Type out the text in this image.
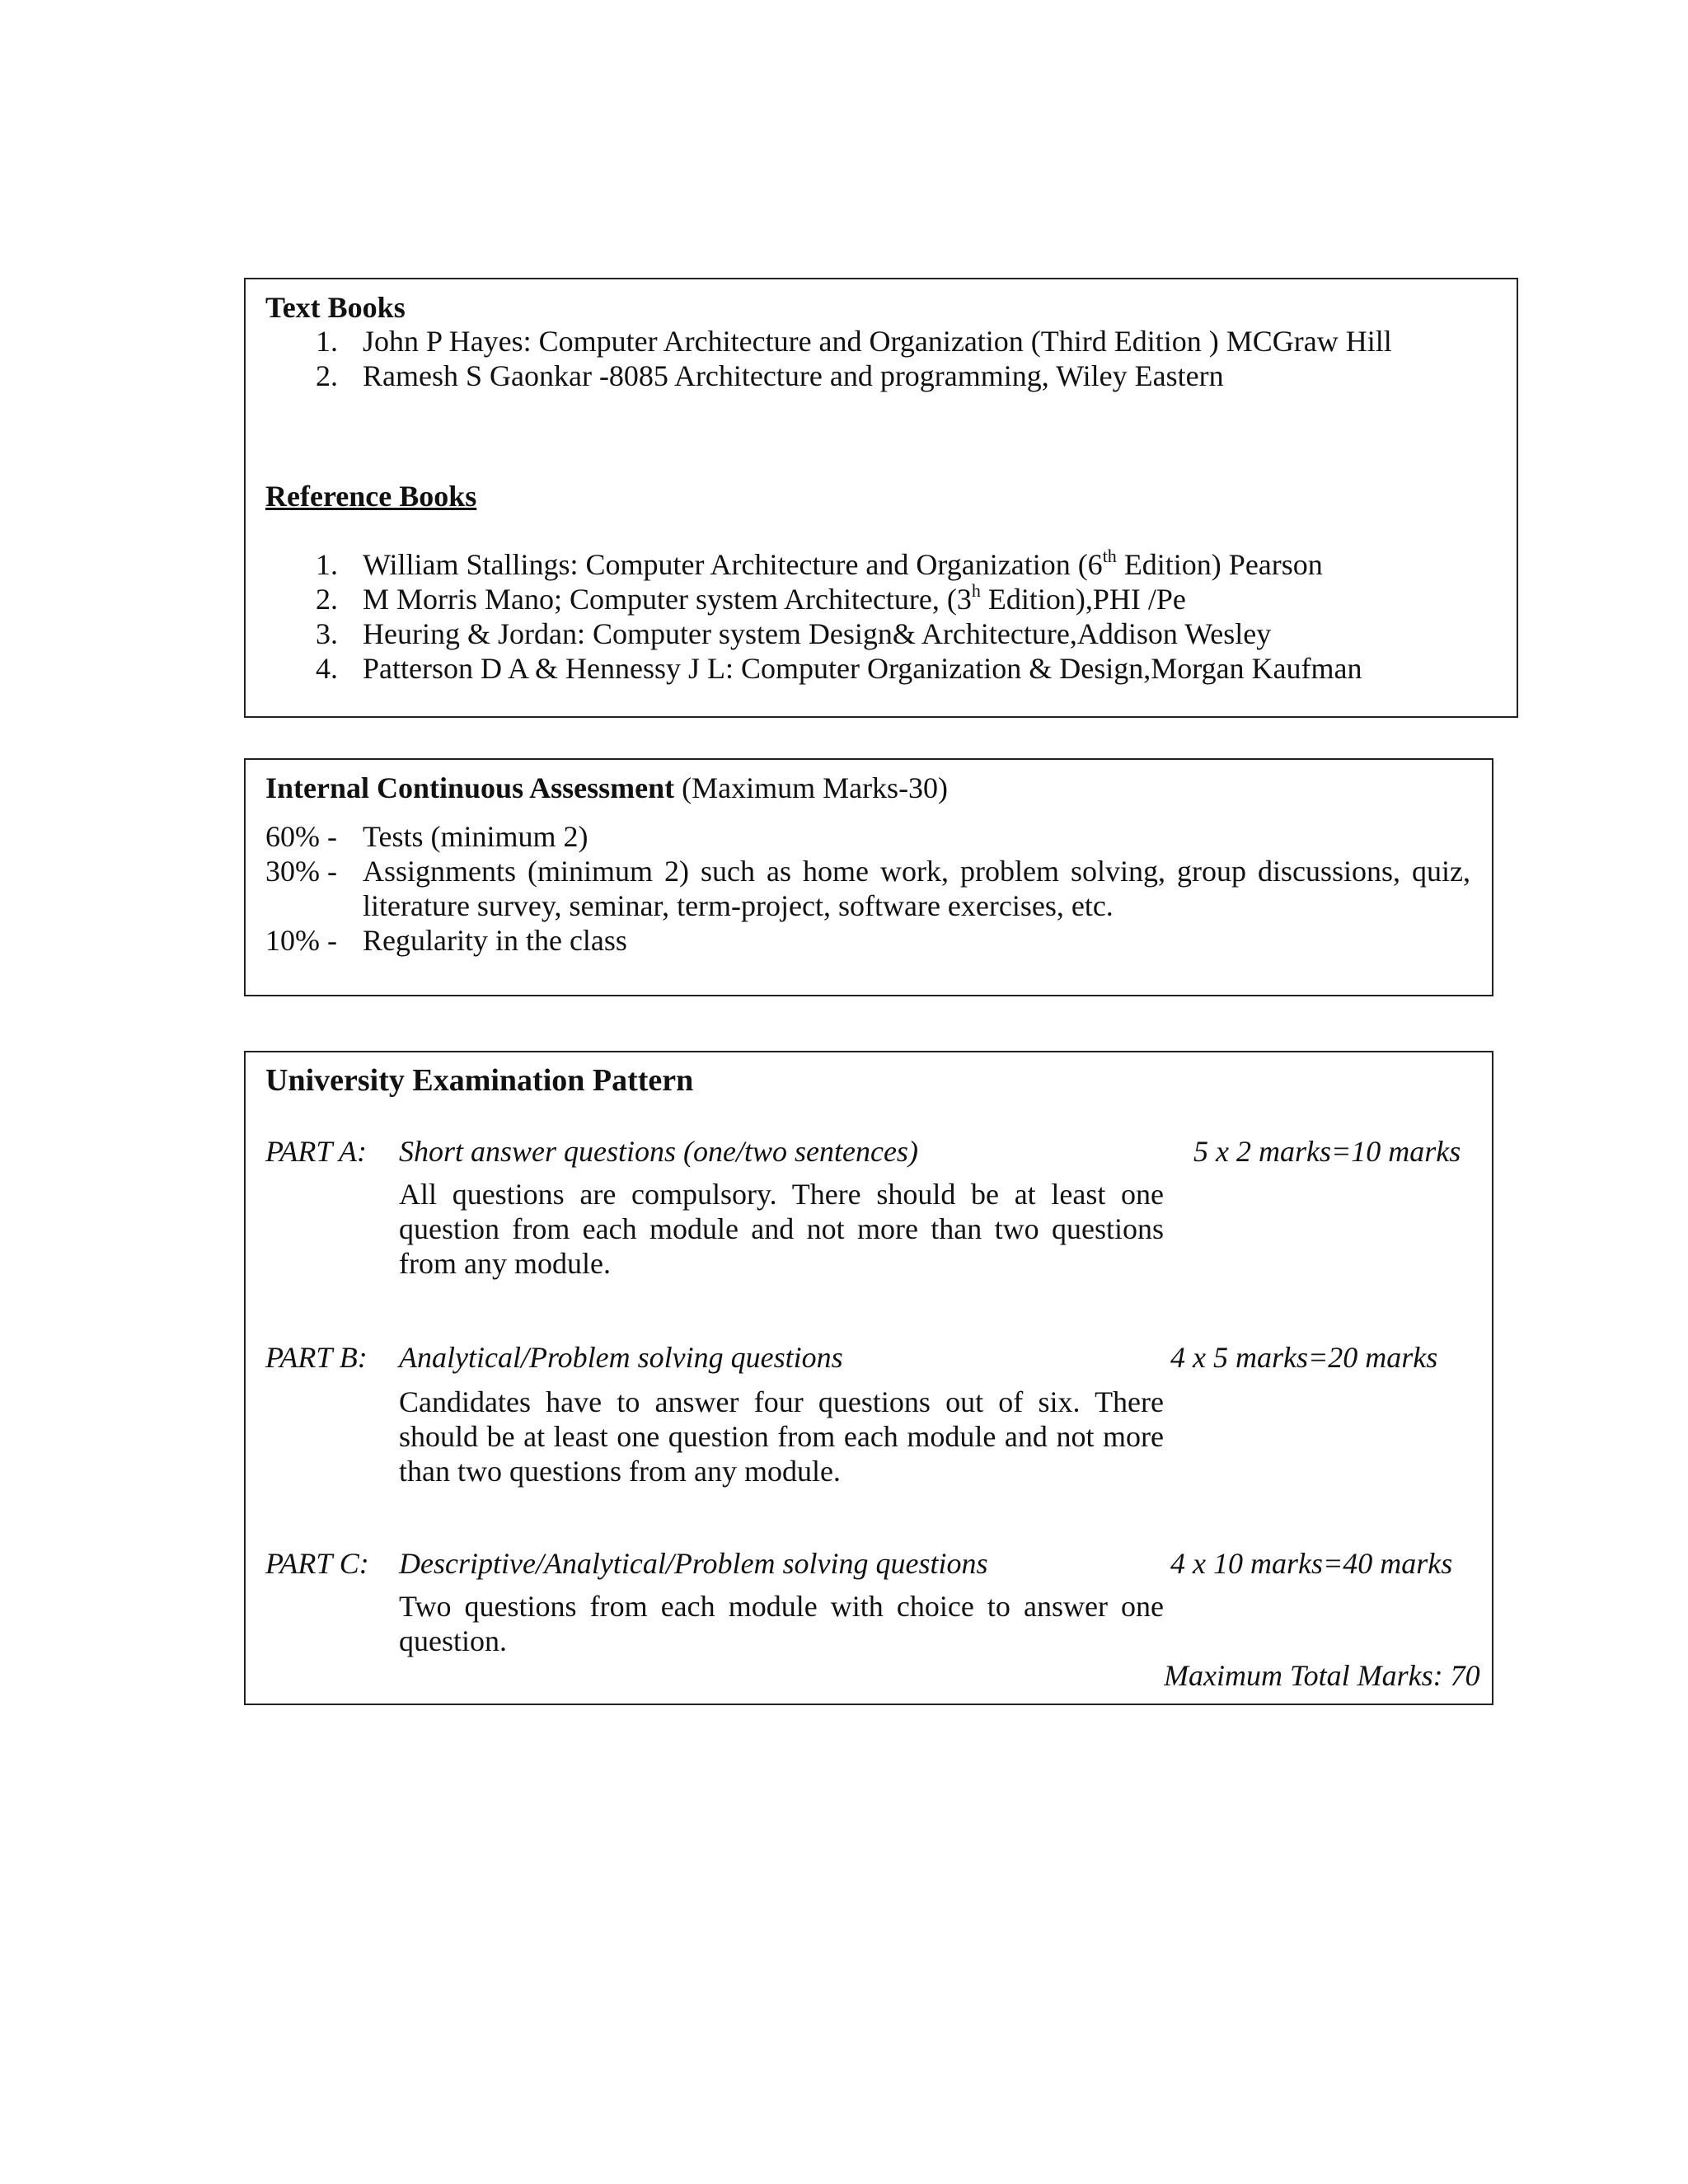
Text Books
1. John P Hayes: Computer Architecture and Organization (Third Edition ) MCGraw Hill
2. Ramesh S Gaonkar -8085 Architecture and programming, Wiley Eastern
Reference Books
1. William Stallings: Computer Architecture and Organization (6th Edition) Pearson
2. M Morris Mano; Computer system Architecture, (3$^h$ Edition),PHI /Pe
3. Heuring & Jordan: Computer system Design& Architecture,Addison Wesley
4. Patterson D A & Hennessy J L: Computer Organization & Design,Morgan Kaufman
Internal Continuous Assessment (Maximum Marks-30)
60% - Tests (minimum 2)
30% - Assignments (minimum 2) such as home work, problem solving, group discussions, quiz,
literature survey, seminar, term-project, software exercises, etc.
10% - Regularity in the class
University Examination Pattern
PART A: Short answer questions (one/two sentences)	5 x 2 marks=10 marks
All questions are compulsory. There should be at least one
question from each module and not more than two questions
from any module.
PART B: Analytical/Problem solving questions	4 x 5 marks=20 marks
Candidates have to answer four questions out of six. There
should be at least one question from each module and not more
than two questions from any module.
PART C: Descriptive/Analytical/Problem solving questions	4 x 10 marks=40 marks
Two questions from each module with choice to answer one
question.
Maximum Total Marks: 70
